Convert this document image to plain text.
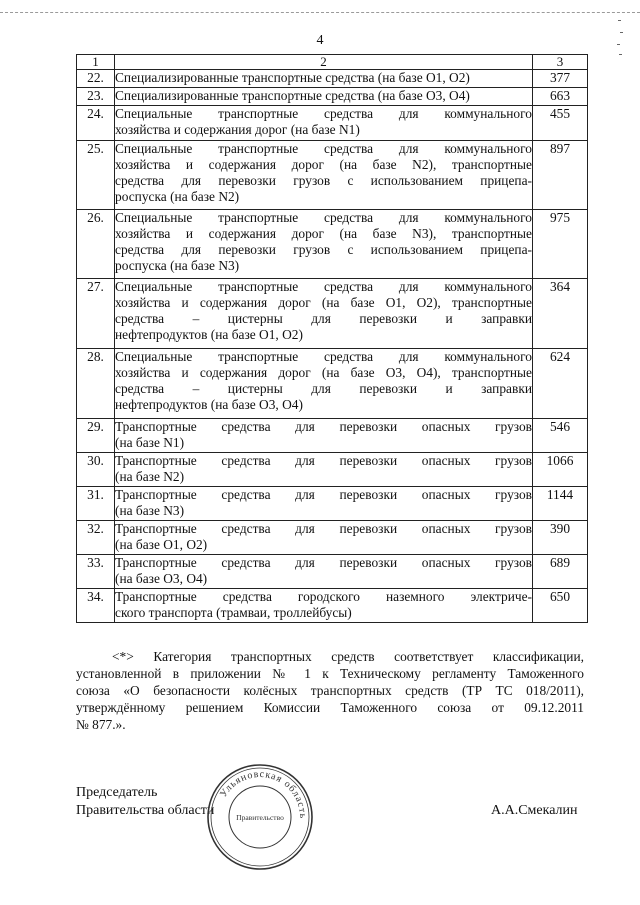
4
1	2	3
22.	Специализированные транспортные средства (на базе O1, O2)	377
23.	Специализированные транспортные средства (на базе O3, O4)	663
24.	Специальные транспортные средства для коммунального
хозяйства и содержания дорог (на базе N1)	455
25.	Специальные транспортные средства для коммунального
хозяйства и содержания дорог (на базе N2), транспортные
средства для перевозки грузов с использованием прицепа-
роспуска (на базе N2)	897
26.	Специальные транспортные средства для коммунального
хозяйства и содержания дорог (на базе N3), транспортные
средства для перевозки грузов с использованием прицепа-
роспуска (на базе N3)	975
27.	Специальные транспортные средства для коммунального
хозяйства и содержания дорог (на базе O1, O2), транспортные
средства – цистерны для перевозки и заправки
нефтепродуктов (на базе O1, O2)	364
28.	Специальные транспортные средства для коммунального
хозяйства и содержания дорог (на базе O3, O4), транспортные
средства – цистерны для перевозки и заправки
нефтепродуктов (на базе O3, O4)	624
29.	Транспортные средства для перевозки опасных грузов
(на базе N1)	546
30.	Транспортные средства для перевозки опасных грузов
(на базе N2)	1066
31.	Транспортные средства для перевозки опасных грузов
(на базе N3)	1144
32.	Транспортные средства для перевозки опасных грузов
(на базе O1, O2)	390
33.	Транспортные средства для перевозки опасных грузов
(на базе O3, O4)	689
34.	Транспортные средства городского наземного электриче-
ского транспорта (трамваи, троллейбусы)	650
<*> Категория транспортных средств соответствует классификации,
установленной в приложении № 1 к Техническому регламенту Таможенного
союза «О безопасности колёсных транспортных средств (ТР ТС 018/2011),
утверждённому решением Комиссии Таможенного союза от 09.12.2011
№ 877.».
Председатель
Правительства области	А.А.Смекалин
Ульяновская область
Правительство
